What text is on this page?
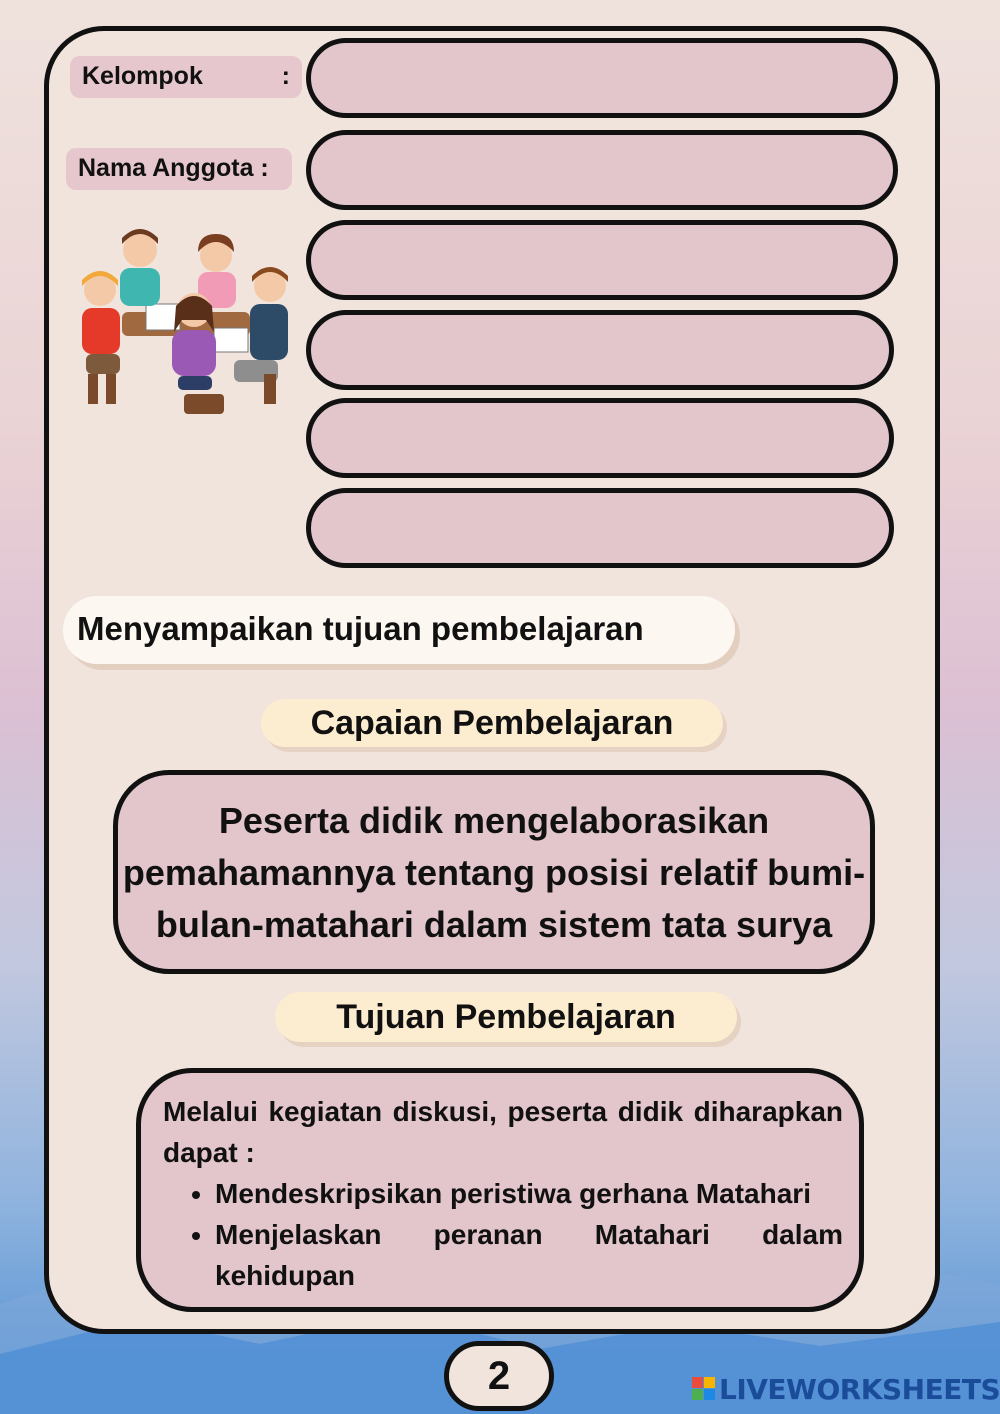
Kelompok	:
Nama Anggota :
Menyampaikan tujuan pembelajaran
Capaian Pembelajaran
Peserta didik mengelaborasikan
pemahamannya tentang posisi relatif bumi-
bulan-matahari dalam sistem tata surya
Tujuan Pembelajaran
Melalui kegiatan diskusi, peserta didik diharapkan dapat :
• Mendeskripsikan peristiwa gerhana Matahari
• Menjelaskan peranan Matahari dalam kehidupan
2	LIVEWORKSHEETS
